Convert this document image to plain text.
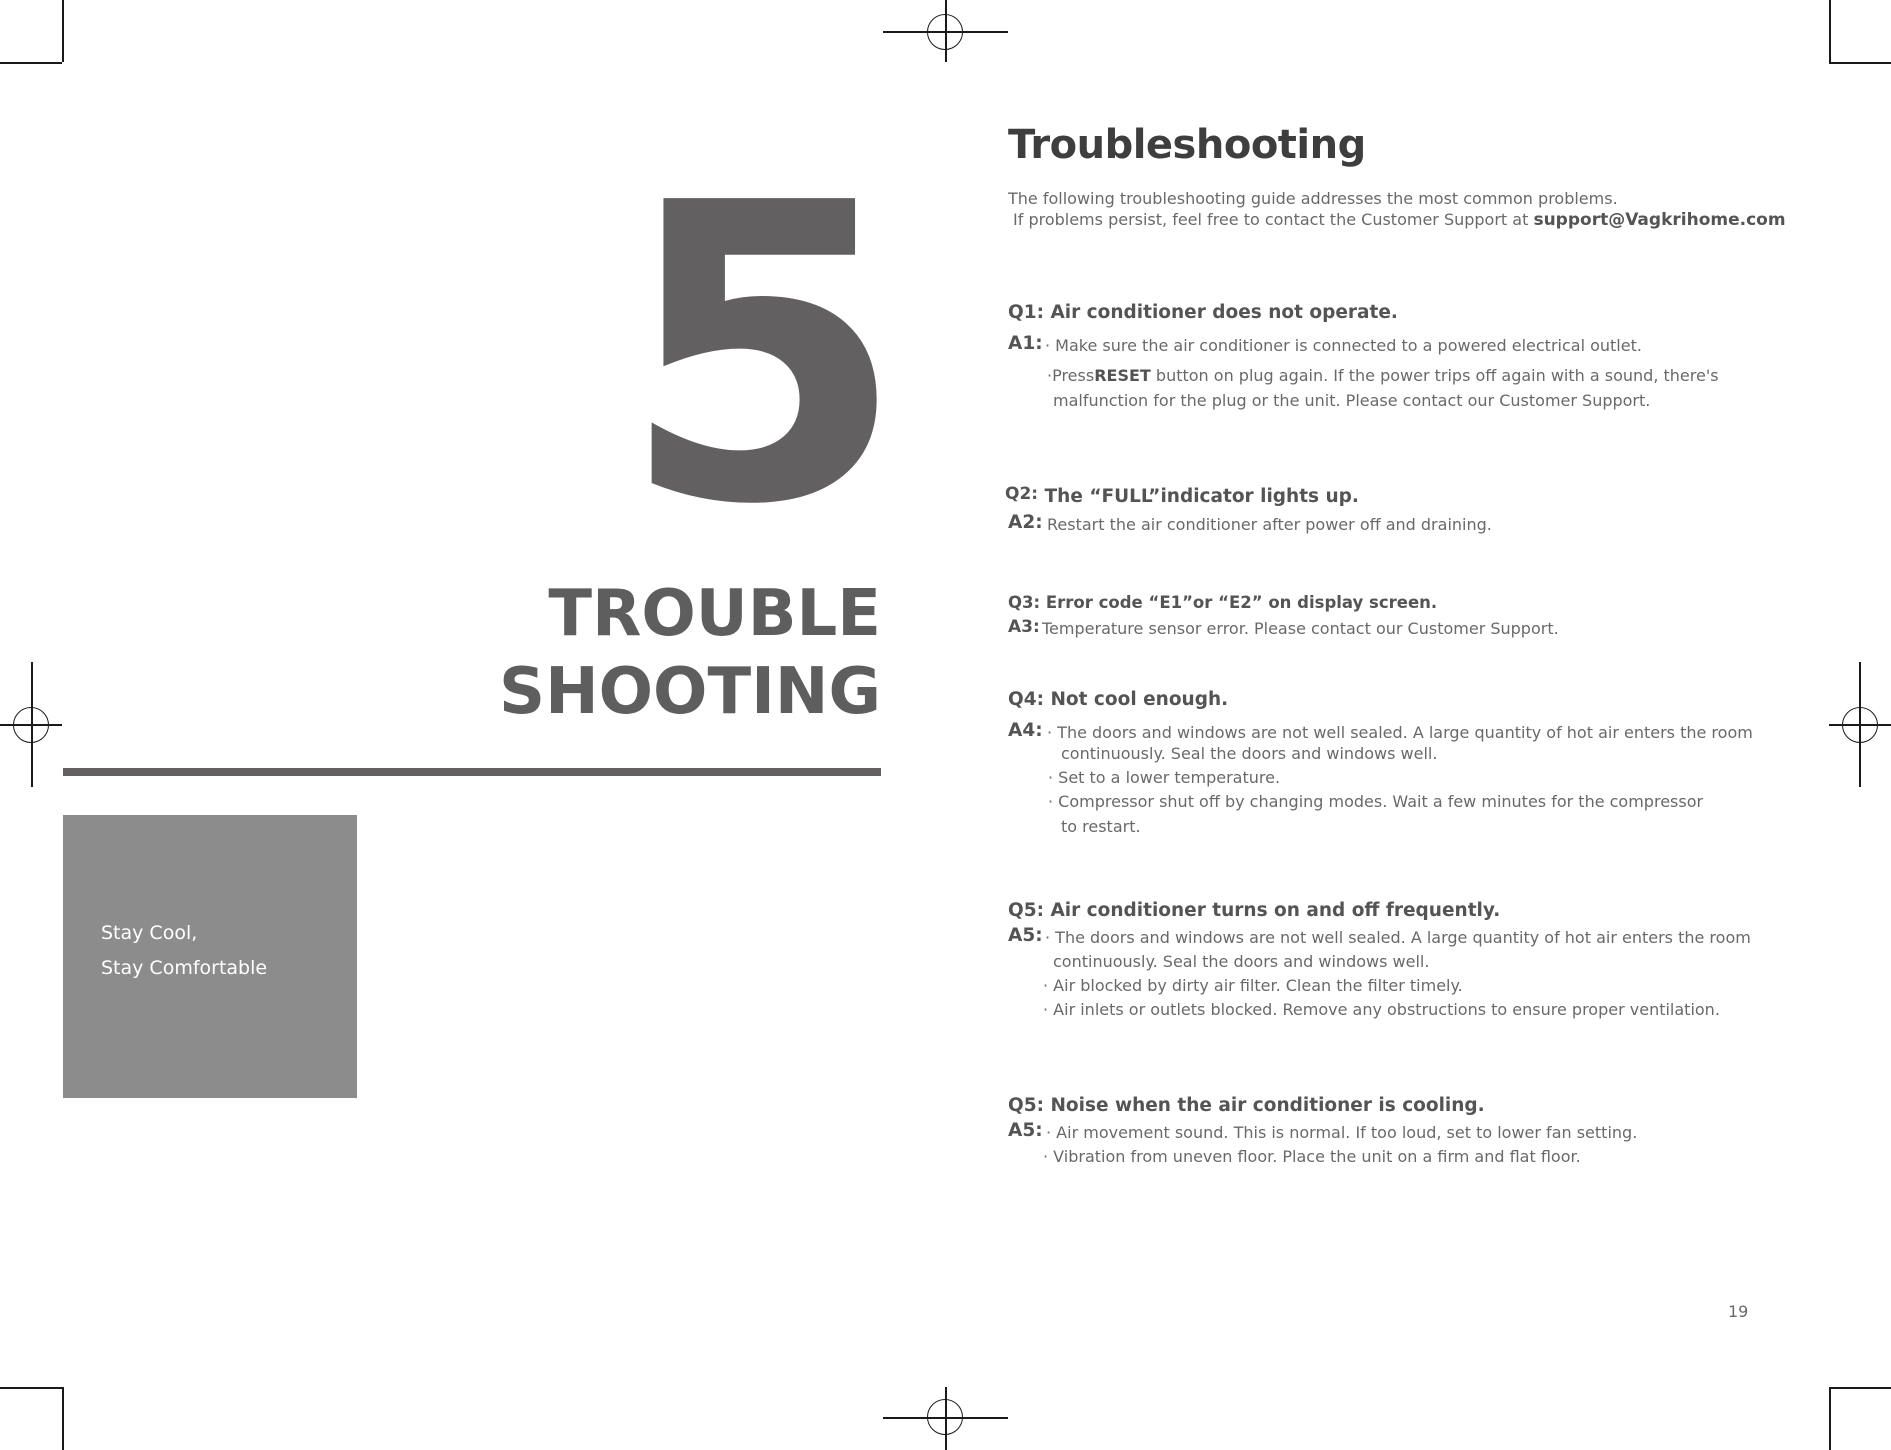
5
TROUBLE
SHOOTING
Stay Cool,
Stay Comfortable
Troubleshooting
The following troubleshooting guide addresses the most common problems.
If problems persist, feel free to contact the Customer Support at support@Vagkrihome.com
Q1: Air conditioner does not operate.
A1: · Make sure the air conditioner is connected to a powered electrical outlet.
·PressRESET button on plug again. If the power trips off again with a sound, there's
malfunction for the plug or the unit. Please contact our Customer Support.
Q2: The “FULL”indicator lights up.
A2: Restart the air conditioner after power off and draining.
Q3: Error code “E1”or “E2” on display screen.
A3: Temperature sensor error. Please contact our Customer Support.
Q4: Not cool enough.
A4: · The doors and windows are not well sealed. A large quantity of hot air enters the room
continuously. Seal the doors and windows well.
· Set to a lower temperature.
· Compressor shut off by changing modes. Wait a few minutes for the compressor
to restart.
Q5: Air conditioner turns on and off frequently.
A5: · The doors and windows are not well sealed. A large quantity of hot air enters the room
continuously. Seal the doors and windows well.
· Air blocked by dirty air filter. Clean the filter timely.
· Air inlets or outlets blocked. Remove any obstructions to ensure proper ventilation.
Q5: Noise when the air conditioner is cooling.
A5: · Air movement sound. This is normal. If too loud, set to lower fan setting.
· Vibration from uneven floor. Place the unit on a firm and flat floor.
19
